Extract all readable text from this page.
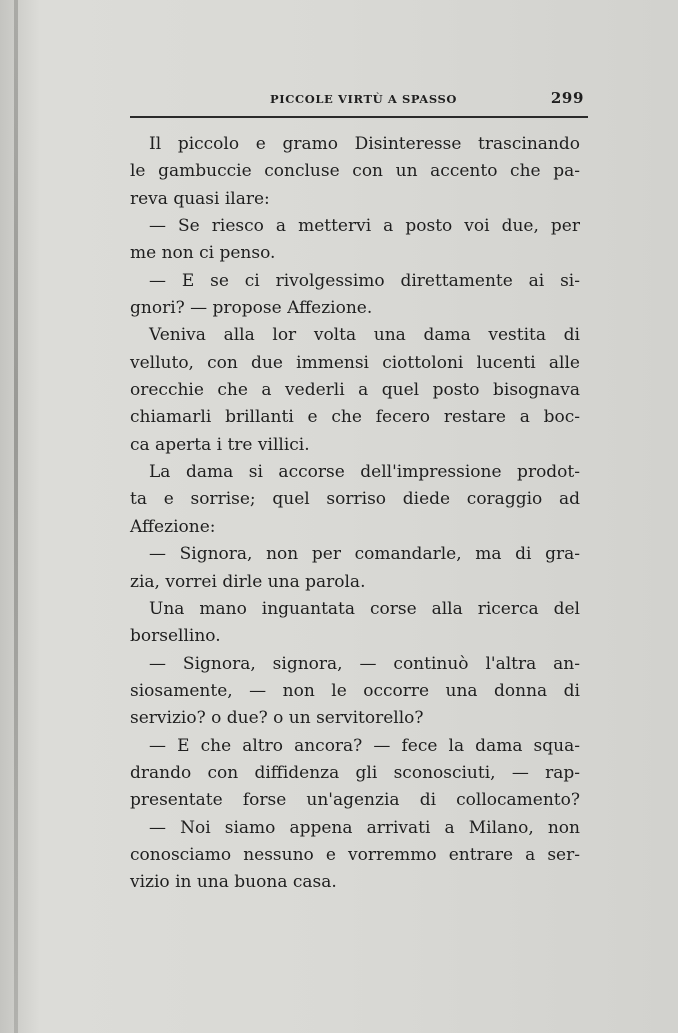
PICCOLE VIRTÙ A SPASSO	299
Il piccolo e gramo Disinteresse trascinando
le gambuccie concluse con un accento che pa-
reva quasi ilare:
— Se riesco a mettervi a posto voi due, per
me non ci penso.
— E se ci rivolgessimo direttamente ai si-
gnori? — propose Affezione.
Veniva alla lor volta una dama vestita di
velluto, con due immensi ciottoloni lucenti alle
orecchie che a vederli a quel posto bisognava
chiamarli brillanti e che fecero restare a boc-
ca aperta i tre villici.
La dama si accorse dell'impressione prodot-
ta e sorrise; quel sorriso diede coraggio ad
Affezione:
— Signora, non per comandarle, ma di gra-
zia, vorrei dirle una parola.
Una mano inguantata corse alla ricerca del
borsellino.
— Signora, signora, — continuò l'altra an-
siosamente, — non le occorre una donna di
servizio? o due? o un servitorello?
— E che altro ancora? — fece la dama squa-
drando con diffidenza gli sconosciuti, — rap-
presentate forse un'agenzia di collocamento?
— Noi siamo appena arrivati a Milano, non
conosciamo nessuno e vorremmo entrare a ser-
vizio in una buona casa.
